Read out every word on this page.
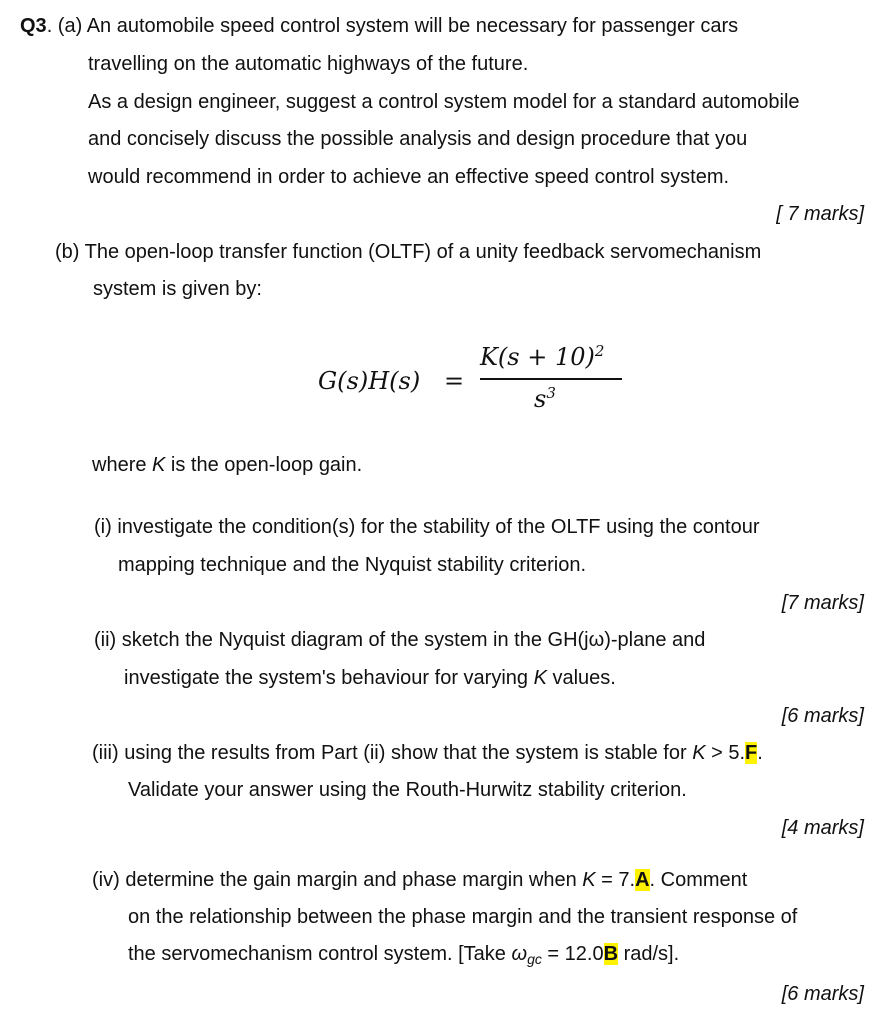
Q3. (a) An automobile speed control system will be necessary for passenger cars
travelling on the automatic highways of the future.
As a design engineer, suggest a control system model for a standard automobile
and concisely discuss the possible analysis and design procedure that you
would recommend in order to achieve an effective speed control system.
[ 7 marks]
(b) The open-loop transfer function (OLTF) of a unity feedback servomechanism
system is given by:
G(s)H(s) =
$K(s + 10)^2$
$s^3$
where K is the open-loop gain.
(i) investigate the condition(s) for the stability of the OLTF using the contour
mapping technique and the Nyquist stability criterion.
[7 marks]
(ii) sketch the Nyquist diagram of the system in the GH(jω)-plane and
investigate the system's behaviour for varying K values.
[6 marks]
(iii) using the results from Part (ii) show that the system is stable for K > 5.F.
Validate your answer using the Routh-Hurwitz stability criterion.
[4 marks]
(iv) determine the gain margin and phase margin when K = 7.A. Comment
on the relationship between the phase margin and the transient response of
the servomechanism control system. [Take $\omega_{gc} = 12.0B$ rad/s].
[6 marks]
